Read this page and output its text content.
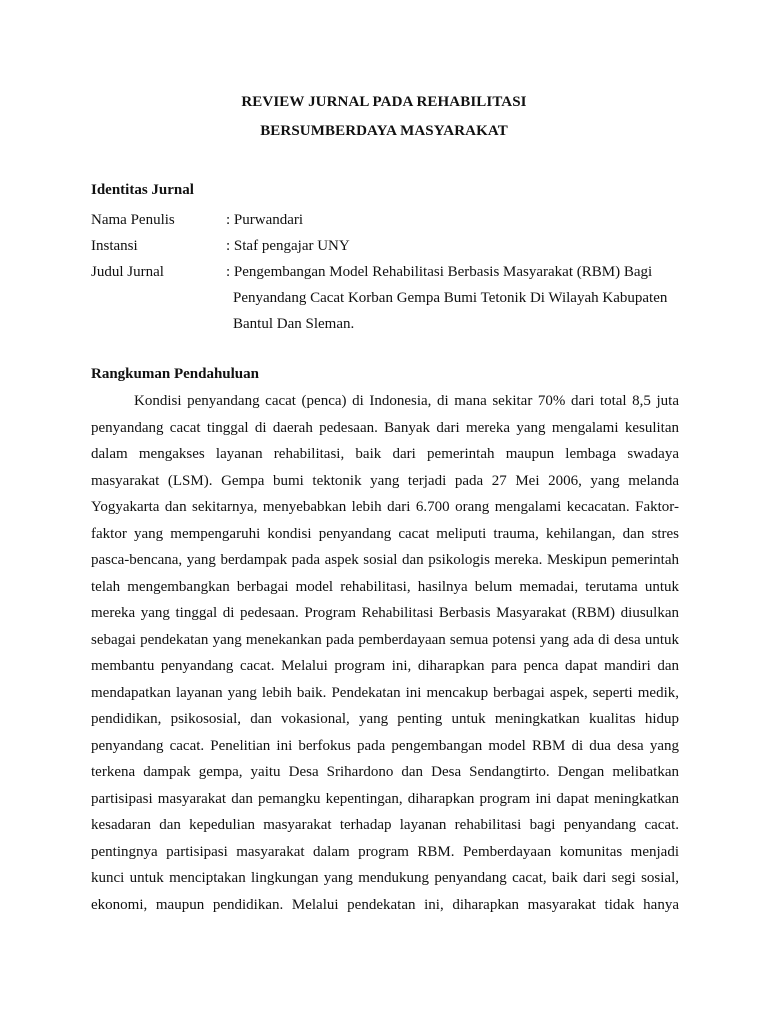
REVIEW JURNAL PADA REHABILITASI
BERSUMBERDAYA MASYARAKAT
Identitas Jurnal
Nama Penulis	: Purwandari
Instansi	: Staf pengajar UNY
Judul Jurnal	: Pengembangan Model Rehabilitasi Berbasis Masyarakat (RBM) Bagi
Penyandang Cacat Korban Gempa Bumi Tetonik Di Wilayah Kabupaten
Bantul Dan Sleman.
Rangkuman Pendahuluan
Kondisi penyandang cacat (penca) di Indonesia, di mana sekitar 70% dari total 8,5 juta
penyandang cacat tinggal di daerah pedesaan. Banyak dari mereka yang mengalami kesulitan
dalam mengakses layanan rehabilitasi, baik dari pemerintah maupun lembaga swadaya
masyarakat (LSM). Gempa bumi tektonik yang terjadi pada 27 Mei 2006, yang melanda
Yogyakarta dan sekitarnya, menyebabkan lebih dari 6.700 orang mengalami kecacatan. Faktor-
faktor yang mempengaruhi kondisi penyandang cacat meliputi trauma, kehilangan, dan stres
pasca-bencana, yang berdampak pada aspek sosial dan psikologis mereka. Meskipun pemerintah
telah mengembangkan berbagai model rehabilitasi, hasilnya belum memadai, terutama untuk
mereka yang tinggal di pedesaan. Program Rehabilitasi Berbasis Masyarakat (RBM) diusulkan
sebagai pendekatan yang menekankan pada pemberdayaan semua potensi yang ada di desa untuk
membantu penyandang cacat. Melalui program ini, diharapkan para penca dapat mandiri dan
mendapatkan layanan yang lebih baik. Pendekatan ini mencakup berbagai aspek, seperti medik,
pendidikan, psikososial, dan vokasional, yang penting untuk meningkatkan kualitas hidup
penyandang cacat. Penelitian ini berfokus pada pengembangan model RBM di dua desa yang
terkena dampak gempa, yaitu Desa Srihardono dan Desa Sendangtirto. Dengan melibatkan
partisipasi masyarakat dan pemangku kepentingan, diharapkan program ini dapat meningkatkan
kesadaran dan kepedulian masyarakat terhadap layanan rehabilitasi bagi penyandang cacat.
pentingnya partisipasi masyarakat dalam program RBM. Pemberdayaan komunitas menjadi
kunci untuk menciptakan lingkungan yang mendukung penyandang cacat, baik dari segi sosial,
ekonomi, maupun pendidikan. Melalui pendekatan ini, diharapkan masyarakat tidak hanya
